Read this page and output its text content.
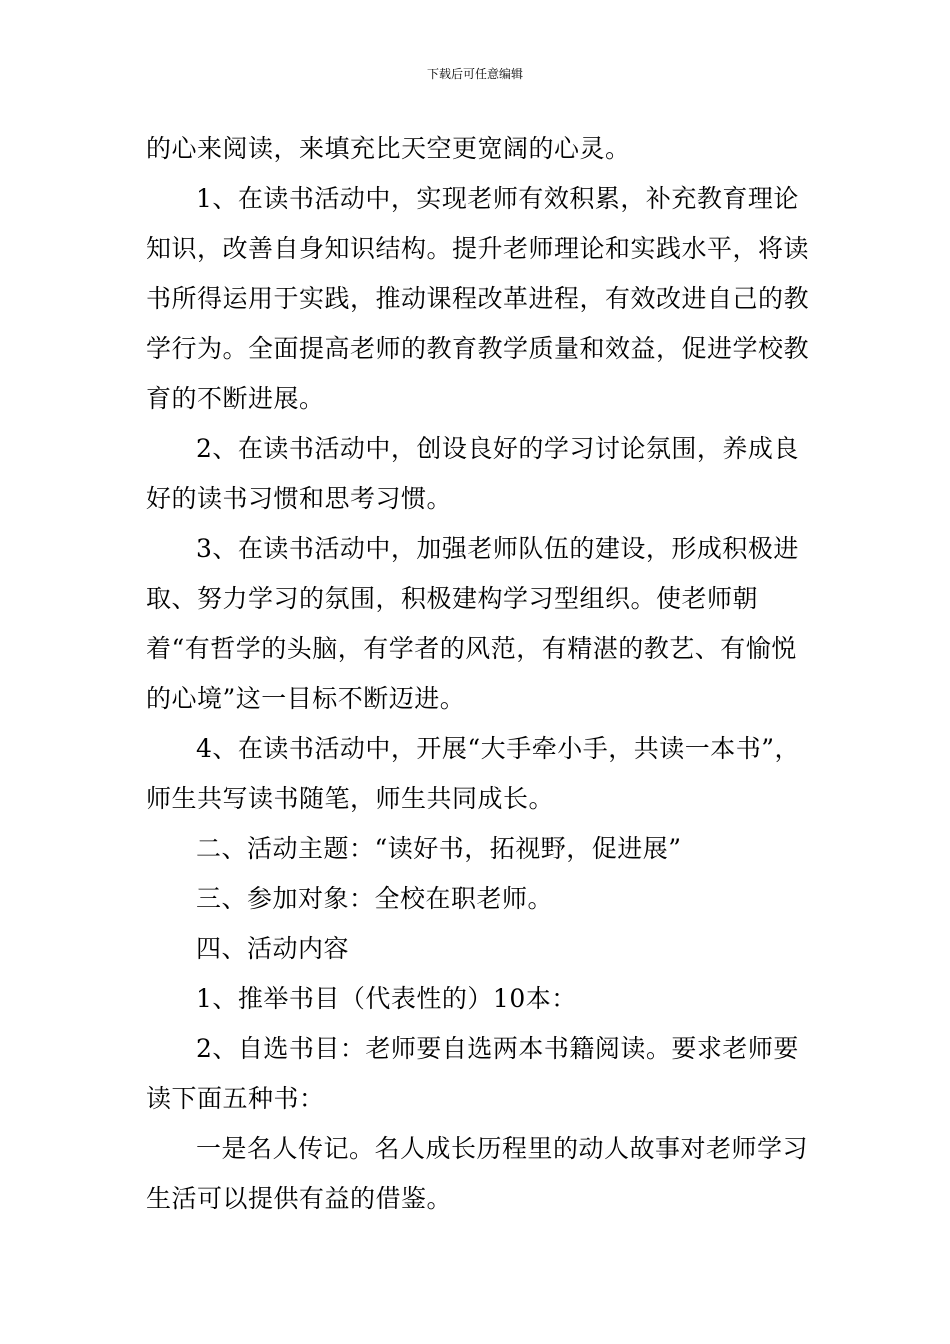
下载后可任意编辑

的心来阅读，来填充比天空更宽阔的心灵。

1、在读书活动中，实现老师有效积累，补充教育理论知识，改善自身知识结构。提升老师理论和实践水平，将读书所得运用于实践，推动课程改革进程，有效改进自己的教学行为。全面提高老师的教育教学质量和效益，促进学校教育的不断进展。

2、在读书活动中，创设良好的学习讨论氛围，养成良好的读书习惯和思考习惯。

3、在读书活动中，加强老师队伍的建设，形成积极进取、努力学习的氛围，积极建构学习型组织。使老师朝着“有哲学的头脑，有学者的风范，有精湛的教艺、有愉悦的心境”这一目标不断迈进。

4、在读书活动中，开展“大手牵小手，共读一本书”，师生共写读书随笔，师生共同成长。

二、活动主题：“读好书，拓视野，促进展”

三、参加对象：全校在职老师。

四、活动内容

1、推举书目（代表性的）10本：

2、自选书目：老师要自选两本书籍阅读。要求老师要读下面五种书：

一是名人传记。名人成长历程里的动人故事对老师学习生活可以提供有益的借鉴。
